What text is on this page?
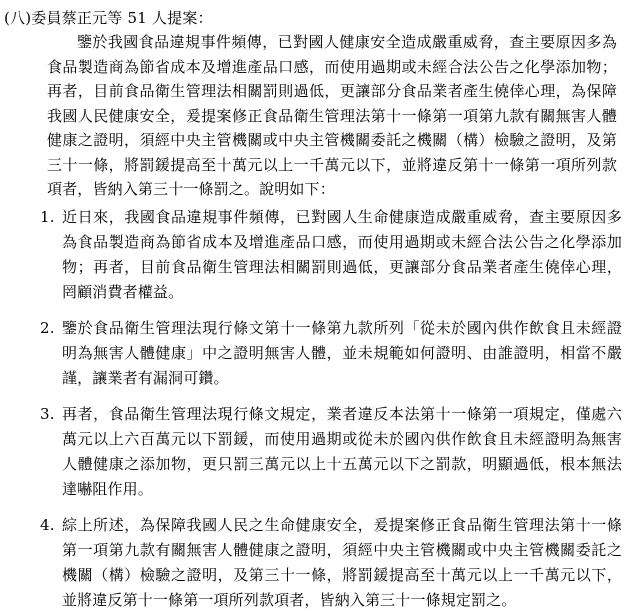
(八)委員蔡正元等 51 人提案：
鑒於我國食品違規事件頻傳，已對國人健康安全造成嚴重威脅，查主要原因多為食品製造商為節省成本及增進產品口感，而使用過期或未經合法公告之化學添加物；再者，目前食品衛生管理法相關罰則過低，更讓部分食品業者產生僥倖心理，為保障我國人民健康安全，爰提案修正食品衛生管理法第十一條第一項第九款有關無害人體健康之證明，須經中央主管機關或中央主管機關委託之機關（構）檢驗之證明，及第三十一條，將罰鍰提高至十萬元以上一千萬元以下，並將違反第十一條第一項所列款項者，皆納入第三十一條罰之。說明如下：
1. 近日來，我國食品違規事件頻傳，已對國人生命健康造成嚴重威脅，查主要原因多為食品製造商為節省成本及增進產品口感，而使用過期或未經合法公告之化學添加物；再者，目前食品衛生管理法相關罰則過低，更讓部分食品業者產生僥倖心理，罔顧消費者權益。
2. 鑒於食品衛生管理法現行條文第十一條第九款所列「從未於國內供作飲食且未經證明為無害人體健康」中之證明無害人體，並未規範如何證明、由誰證明，相當不嚴謹，讓業者有漏洞可鑽。
3. 再者，食品衛生管理法現行條文規定，業者違反本法第十一條第一項規定，僅處六萬元以上六百萬元以下罰鍰，而使用過期或從未於國內供作飲食且未經證明為無害人體健康之添加物，更只罰三萬元以上十五萬元以下之罰款，明顯過低，根本無法達嚇阻作用。
4. 綜上所述，為保障我國人民之生命健康安全，爰提案修正食品衛生管理法第十一條第一項第九款有關無害人體健康之證明，須經中央主管機關或中央主管機關委託之機關（構）檢驗之證明，及第三十一條，將罰鍰提高至十萬元以上一千萬元以下，並將違反第十一條第一項所列款項者，皆納入第三十一條規定罰之。
